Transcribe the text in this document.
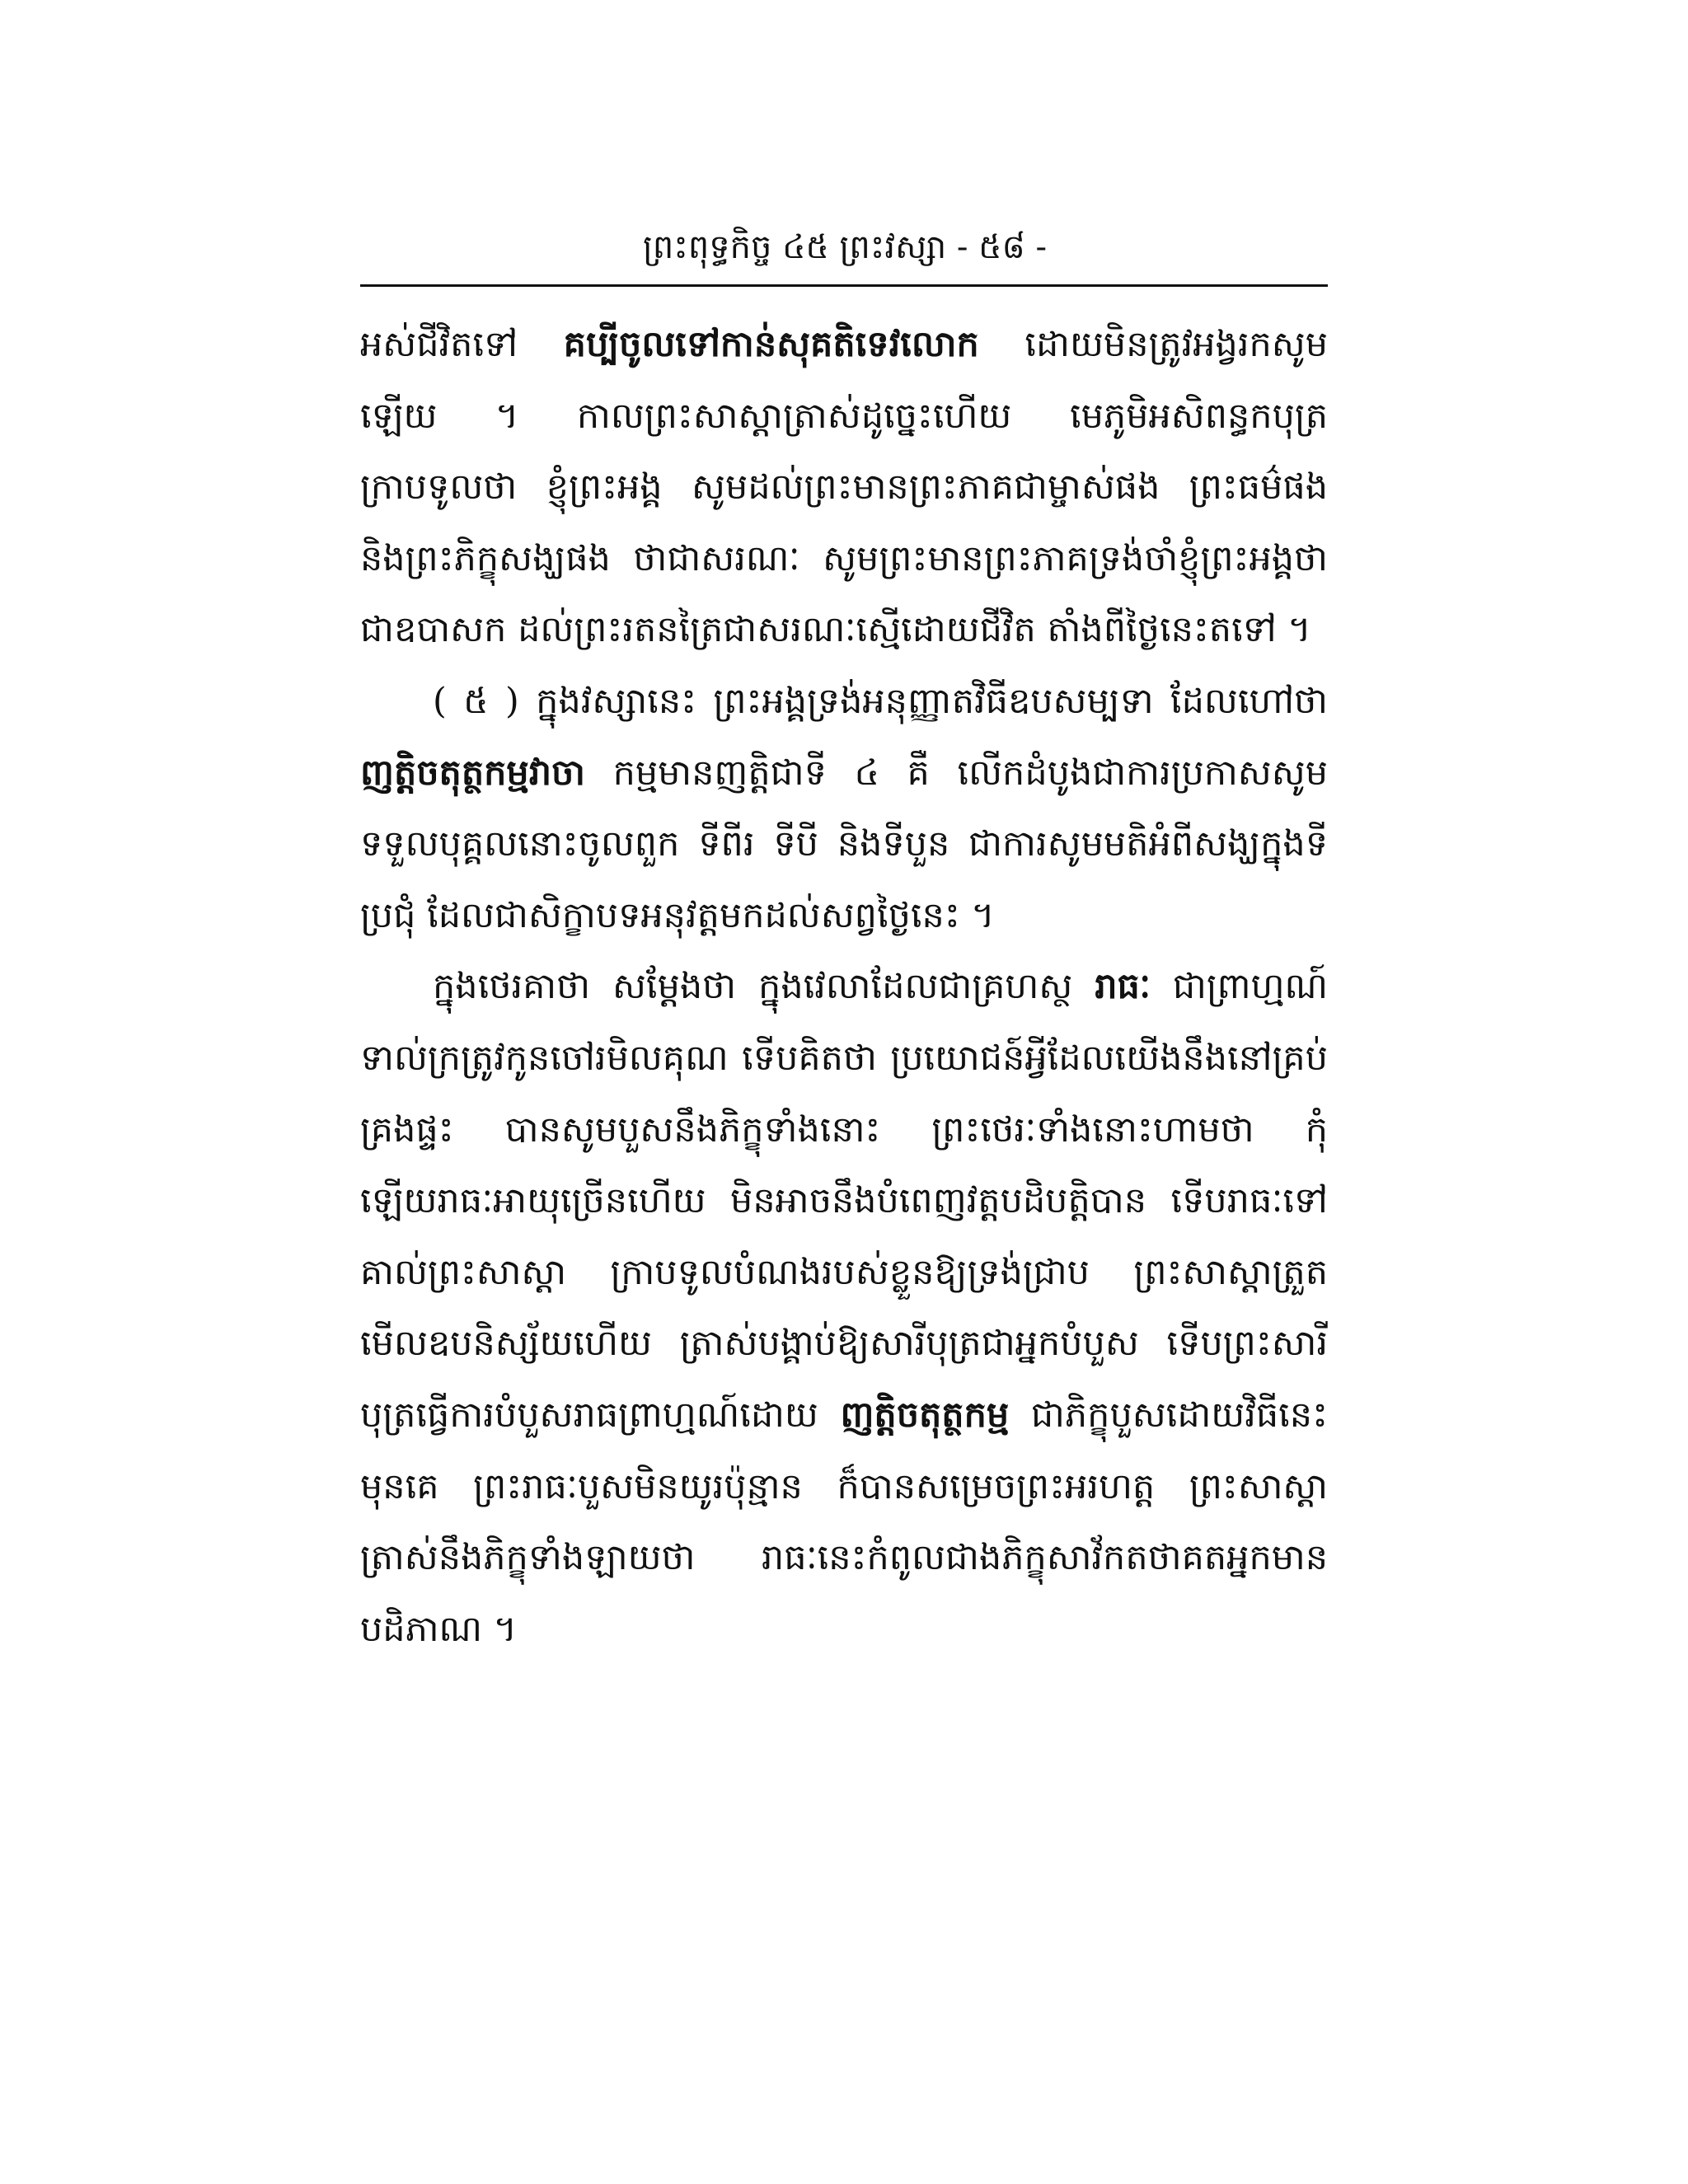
ព្រះពុទ្ធកិច្ច ៤៥ ព្រះវស្សា - ៥៨ -

អស់ជីវិតទៅ គប្បីចូលទៅកាន់សុគតិទេវលោក ដោយមិនត្រូវអង្វរកសូមឡើយ ។ កាលព្រះសាស្ដាត្រាស់ដូច្នេះហើយ មេភូមិអសិពន្ធកបុត្រ ក្រាបទូលថា ខ្ញុំព្រះអង្គ សូមដល់ព្រះមានព្រះភាគជាម្ចាស់ផង ព្រះធម៌ផង និងព្រះភិក្ខុសង្ឃផង ថាជាសរណៈ សូមព្រះមានព្រះភាគទ្រង់ចាំខ្ញុំព្រះអង្គថាជាឧបាសក ដល់ព្រះរតនត្រៃជាសរណៈស្មើដោយជីវិត តាំងពីថ្ងៃនេះតទៅ ។

( ៥ ) ក្នុងវស្សានេះ ព្រះអង្គទ្រង់អនុញ្ញាតវិធីឧបសម្បទា ដែលហៅថា ញត្តិចតុត្ថកម្មវាចា កម្មមានញត្តិជាទី ៤ គឺ លើកដំបូងជាការប្រកាសសូមទទួលបុគ្គលនោះចូលពួក ទីពីរ ទីបី និងទីបួន ជាការសូមមតិអំពីសង្ឃក្នុងទីប្រជុំ ដែលជាសិក្ខាបទអនុវត្តមកដល់សព្វថ្ងៃនេះ ។

ក្នុងថេរគាថា សម្ដែងថា ក្នុងវេលាដែលជាគ្រហស្ថ រាធៈ ជាព្រាហ្មណ៍ទាល់ក្រត្រូវកូនចៅរមិលគុណ ទើបគិតថា ប្រយោជន៍អ្វីដែលយើងនឹងនៅគ្រប់គ្រងផ្ទះ បានសូមបួសនឹងភិក្ខុទាំងនោះ ព្រះថេរៈទាំងនោះហាមថា កុំឡើយរាធៈអាយុច្រើនហើយ មិនអាចនឹងបំពេញវត្តបដិបត្តិបាន ទើបរាធៈទៅគាល់ព្រះសាស្ដា ក្រាបទូលបំណងរបស់ខ្លួនឱ្យទ្រង់ជ្រាប ព្រះសាស្ដាត្រួតមើលឧបនិស្ស័យហើយ ត្រាស់បង្គាប់ឱ្យសារីបុត្រជាអ្នកបំបួស ទើបព្រះសារីបុត្រធ្វើការបំបួសរាធព្រាហ្មណ៍ដោយ ញត្តិចតុត្ថកម្ម ជាភិក្ខុបួសដោយវិធីនេះមុនគេ ព្រះរាធៈបួសមិនយូរប៉ុន្មាន ក៏បានសម្រេចព្រះអរហត្ត ព្រះសាស្ដាត្រាស់នឹងភិក្ខុទាំងឡាយថា រាធៈនេះកំពូលជាងភិក្ខុសាវ័កតថាគតអ្នកមានបដិភាណ ។
